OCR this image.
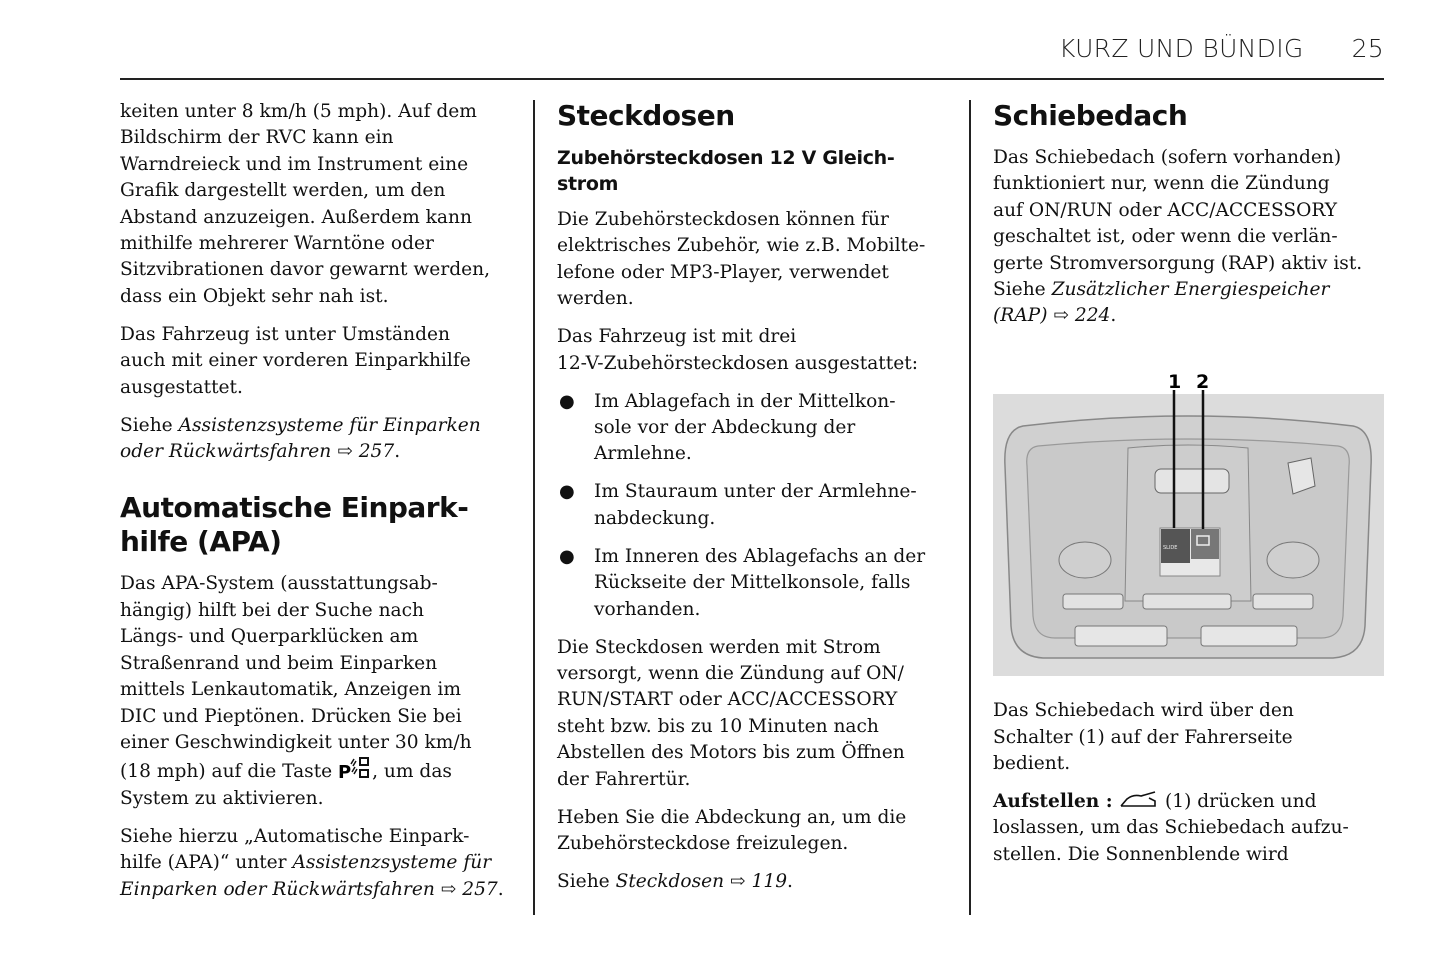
KURZ UND BÜNDIG 25

keiten unter 8 km/h (5 mph). Auf dem
Bildschirm der RVC kann ein
Warndreieck und im Instrument eine
Grafik dargestellt werden, um den
Abstand anzuzeigen. Außerdem kann
mithilfe mehrerer Warntöne oder
Sitzvibrationen davor gewarnt werden,
dass ein Objekt sehr nah ist.

Das Fahrzeug ist unter Umständen
auch mit einer vorderen Einparkhilfe
ausgestattet.

Siehe Assistenzsysteme für Einparken
oder Rückwärtsfahren ⇨ 257.

Automatische Einpark-
hilfe (APA)

Das APA-System (ausstattungsab-
hängig) hilft bei der Suche nach
Längs- und Querparklücken am
Straßenrand und beim Einparken
mittels Lenkautomatik, Anzeigen im
DIC und Pieptönen. Drücken Sie bei
einer Geschwindigkeit unter 30 km/h
(18 mph) auf die Taste P , um das
System zu aktivieren.

Siehe hierzu „Automatische Einpark-
hilfe (APA)“ unter Assistenzsysteme für
Einparken oder Rückwärtsfahren ⇨ 257.

Steckdosen
Zubehörsteckdosen 12 V Gleich-
strom

Die Zubehörsteckdosen können für
elektrisches Zubehör, wie z.B. Mobilte-
lefone oder MP3-Player, verwendet
werden.

Das Fahrzeug ist mit drei
12-V-Zubehörsteckdosen ausgestattet:

● Im Ablagefach in der Mittelkon-
sole vor der Abdeckung der
Armlehne.
● Im Stauraum unter der Armlehne-
nabdeckung.
● Im Inneren des Ablagefachs an der
Rückseite der Mittelkonsole, falls
vorhanden.

Die Steckdosen werden mit Strom
versorgt, wenn die Zündung auf ON/
RUN/START oder ACC/ACCESSORY
steht bzw. bis zu 10 Minuten nach
Abstellen des Motors bis zum Öffnen
der Fahrertür.

Heben Sie die Abdeckung an, um die
Zubehörsteckdose freizulegen.

Siehe Steckdosen ⇨ 119.

Schiebedach

Das Schiebedach (sofern vorhanden)
funktioniert nur, wenn die Zündung
auf ON/RUN oder ACC/ACCESSORY
geschaltet ist, oder wenn die verlän-
gerte Stromversorgung (RAP) aktiv ist.
Siehe Zusätzlicher Energiespeicher
(RAP) ⇨ 224.

SLIDE
1 2

Das Schiebedach wird über den
Schalter (1) auf der Fahrerseite
bedient.

Aufstellen :  (1) drücken und
loslassen, um das Schiebedach aufzu-
stellen. Die Sonnenblende wird
